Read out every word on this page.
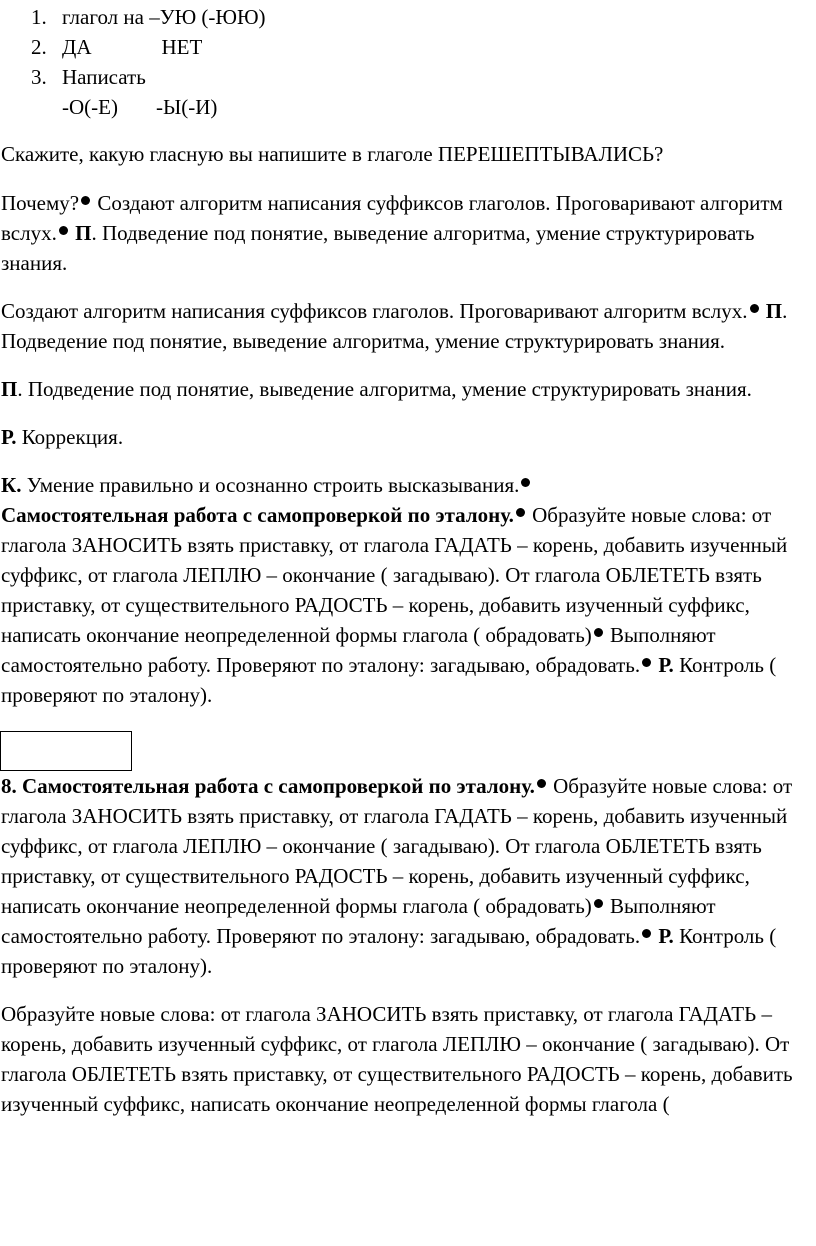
1. глагол на –УЮ (-ЮЮ)
2. ДА	НЕТ
3. Написать
-О(-Е) -Ы(-И)

Скажите, какую гласную вы напишите в глаголе ПЕРЕШЕПТЫВАЛИСЬ?

Почему? Создают алгоритм написания суффиксов глаголов. Проговаривают алгоритм вслух. П. Подведение под понятие, выведение алгоритма, умение структурировать знания.

Создают алгоритм написания суффиксов глаголов. Проговаривают алгоритм вслух. П. Подведение под понятие, выведение алгоритма, умение структурировать знания.

П. Подведение под понятие, выведение алгоритма, умение структурировать знания.

Р. Коррекция.

К. Умение правильно и осознанно строить высказывания.
Самостоятельная работа с самопроверкой по эталону. Образуйте новые слова: от глагола ЗАНОСИТЬ взять приставку, от глагола ГАДАТЬ – корень, добавить изученный суффикс, от глагола ЛЕПЛЮ – окончание ( загадываю). От глагола ОБЛЕТЕТЬ взять приставку, от существительного РАДОСТЬ – корень, добавить изученный суффикс, написать окончание неопределенной формы глагола ( обрадовать) Выполняют самостоятельно работу. Проверяют по эталону: загадываю, обрадовать. Р. Контроль ( проверяют по эталону).

8. Самостоятельная работа с самопроверкой по эталону. Образуйте новые слова: от глагола ЗАНОСИТЬ взять приставку, от глагола ГАДАТЬ – корень, добавить изученный суффикс, от глагола ЛЕПЛЮ – окончание ( загадываю). От глагола ОБЛЕТЕТЬ взять приставку, от существительного РАДОСТЬ – корень, добавить изученный суффикс, написать окончание неопределенной формы глагола ( обрадовать) Выполняют самостоятельно работу. Проверяют по эталону: загадываю, обрадовать. Р. Контроль ( проверяют по эталону).

Образуйте новые слова: от глагола ЗАНОСИТЬ взять приставку, от глагола ГАДАТЬ – корень, добавить изученный суффикс, от глагола ЛЕПЛЮ – окончание ( загадываю). От глагола ОБЛЕТЕТЬ взять приставку, от существительного РАДОСТЬ – корень, добавить изученный суффикс, написать окончание неопределенной формы глагола (
